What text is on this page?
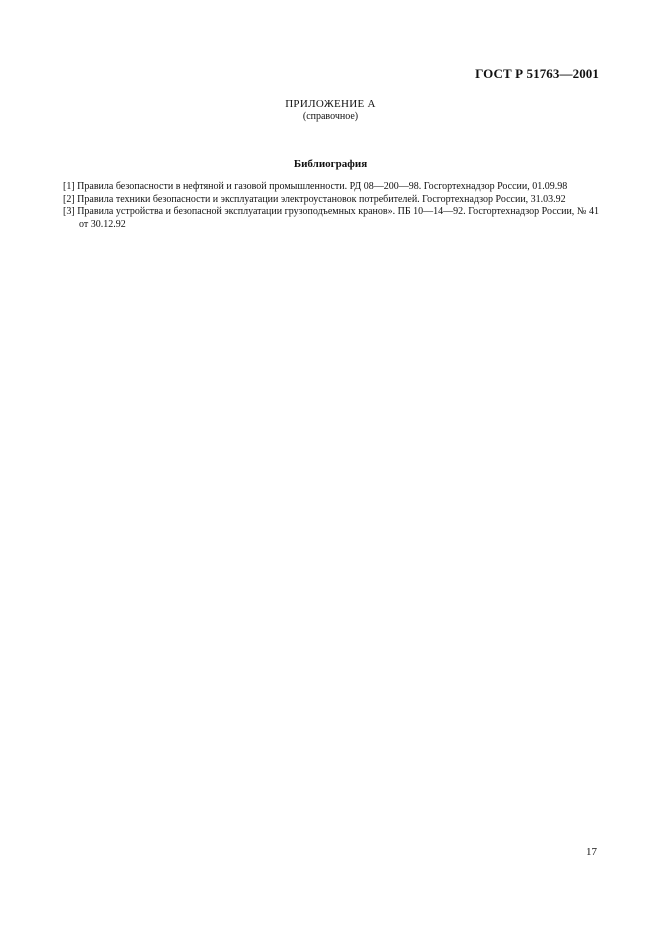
ГОСТ Р 51763—2001
ПРИЛОЖЕНИЕ А
(справочное)
Библиография
[1] Правила безопасности в нефтяной и газовой промышленности. РД 08—200—98. Госгортехнадзор России, 01.09.98
[2] Правила техники безопасности и эксплуатации электроустановок потребителей. Госгортехнадзор России, 31.03.92
[3] Правила устройства и безопасной эксплуатации грузоподъемных кранов». ПБ 10—14—92. Госгортехнадзор России, № 41 от 30.12.92
17
